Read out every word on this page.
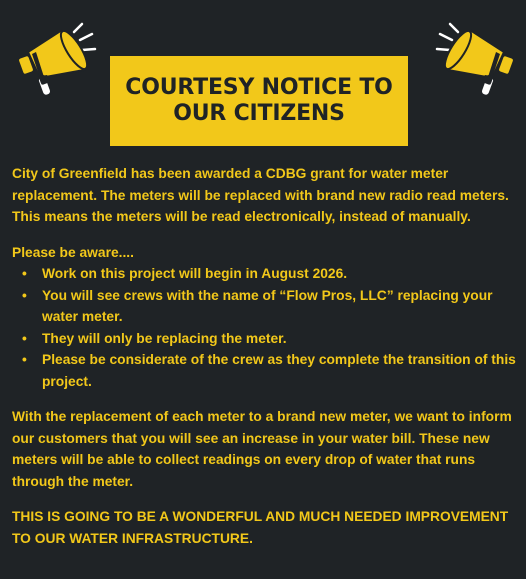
COURTESY NOTICE TO
OUR CITIZENS

City of Greenfield has been awarded a CDBG grant for water meter replacement. The meters will be replaced with brand new radio read meters. This means the meters will be read electronically, instead of manually.

Please be aware....

• Work on this project will begin in August 2026.
• You will see crews with the name of “Flow Pros, LLC” replacing your water meter.
• They will only be replacing the meter.
• Please be considerate of the crew as they complete the transition of this project.

With the replacement of each meter to a brand new meter, we want to inform our customers that you will see an increase in your water bill. These new meters will be able to collect readings on every drop of water that runs through the meter.

THIS IS GOING TO BE A WONDERFUL AND MUCH NEEDED IMPROVEMENT TO OUR WATER INFRASTRUCTURE.
